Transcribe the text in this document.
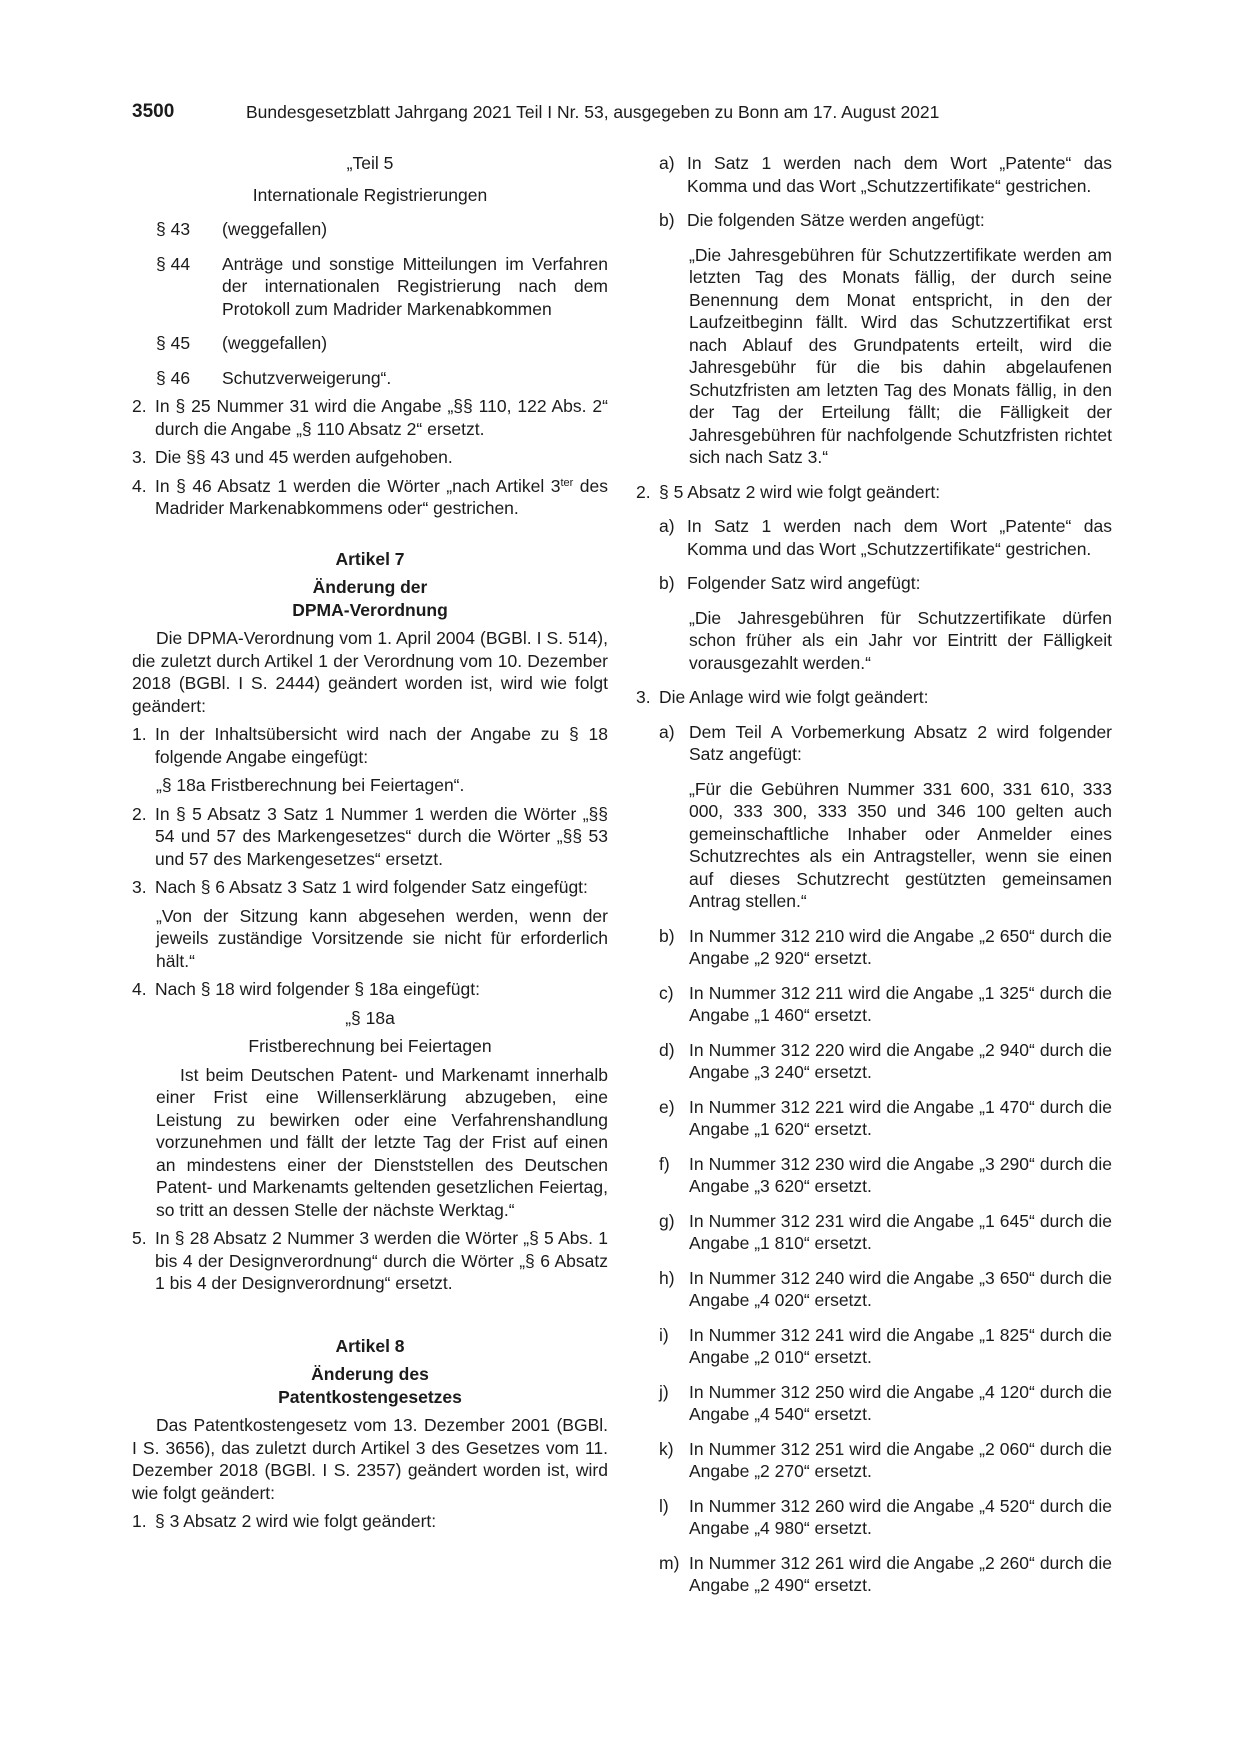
3500	Bundesgesetzblatt Jahrgang 2021 Teil I Nr. 53, ausgegeben zu Bonn am 17. August 2021

„Teil 5

Internationale Registrierungen

§ 43	(weggefallen)
§ 44	Anträge und sonstige Mitteilungen im Verfahren der internationalen Registrierung nach dem Protokoll zum Madrider Markenabkommen
§ 45	(weggefallen)
§ 46	Schutzverweigerung“.
2. In § 25 Nummer 31 wird die Angabe „§§ 110, 122 Abs. 2“ durch die Angabe „§ 110 Absatz 2“ ersetzt.
3. Die §§ 43 und 45 werden aufgehoben.
4. In § 46 Absatz 1 werden die Wörter „nach Artikel $3^{ter}$ des Madrider Markenabkommens oder“ gestrichen.

Artikel 7

Änderung der

DPMA-Verordnung

Die DPMA-Verordnung vom 1. April 2004 (BGBl. I S. 514), die zuletzt durch Artikel 1 der Verordnung vom 10. Dezember 2018 (BGBl. I S. 2444) geändert worden ist, wird wie folgt geändert:

1. In der Inhaltsübersicht wird nach der Angabe zu § 18 folgende Angabe eingefügt:

„§ 18a Fristberechnung bei Feiertagen“.

2. In § 5 Absatz 3 Satz 1 Nummer 1 werden die Wörter „§§ 54 und 57 des Markengesetzes“ durch die Wörter „§§ 53 und 57 des Markengesetzes“ ersetzt.
3. Nach § 6 Absatz 3 Satz 1 wird folgender Satz eingefügt:

„Von der Sitzung kann abgesehen werden, wenn der jeweils zuständige Vorsitzende sie nicht für erforderlich hält.“

4. Nach § 18 wird folgender § 18a eingefügt:

„§ 18a

Fristberechnung bei Feiertagen

Ist beim Deutschen Patent- und Markenamt innerhalb einer Frist eine Willenserklärung abzugeben, eine Leistung zu bewirken oder eine Verfahrenshandlung vorzunehmen und fällt der letzte Tag der Frist auf einen an mindestens einer der Dienststellen des Deutschen Patent- und Markenamts geltenden gesetzlichen Feiertag, so tritt an dessen Stelle der nächste Werktag.“

5. In § 28 Absatz 2 Nummer 3 werden die Wörter „§ 5 Abs. 1 bis 4 der Designverordnung“ durch die Wörter „§ 6 Absatz 1 bis 4 der Designverordnung“ ersetzt.

Artikel 8

Änderung des

Patentkostengesetzes

Das Patentkostengesetz vom 13. Dezember 2001 (BGBl. I S. 3656), das zuletzt durch Artikel 3 des Gesetzes vom 11. Dezember 2018 (BGBl. I S. 2357) geändert worden ist, wird wie folgt geändert:

1. § 3 Absatz 2 wird wie folgt geändert:
a) In Satz 1 werden nach dem Wort „Patente“ das Komma und das Wort „Schutzzertifikate“ gestrichen.
b) Die folgenden Sätze werden angefügt:

„Die Jahresgebühren für Schutzzertifikate werden am letzten Tag des Monats fällig, der durch seine Benennung dem Monat entspricht, in den der Laufzeitbeginn fällt. Wird das Schutzzertifikat erst nach Ablauf des Grundpatents erteilt, wird die Jahresgebühr für die bis dahin abgelaufenen Schutzfristen am letzten Tag des Monats fällig, in den der Tag der Erteilung fällt; die Fälligkeit der Jahresgebühren für nachfolgende Schutzfristen richtet sich nach Satz 3.“

2. § 5 Absatz 2 wird wie folgt geändert:
a) In Satz 1 werden nach dem Wort „Patente“ das Komma und das Wort „Schutzzertifikate“ gestrichen.
b) Folgender Satz wird angefügt:

„Die Jahresgebühren für Schutzzertifikate dürfen schon früher als ein Jahr vor Eintritt der Fälligkeit vorausgezahlt werden.“

3. Die Anlage wird wie folgt geändert:
a) Dem Teil A Vorbemerkung Absatz 2 wird folgender Satz angefügt:

„Für die Gebühren Nummer 331 600, 331 610, 333 000, 333 300, 333 350 und 346 100 gelten auch gemeinschaftliche Inhaber oder Anmelder eines Schutzrechtes als ein Antragsteller, wenn sie einen auf dieses Schutzrecht gestützten gemeinsamen Antrag stellen.“

b) In Nummer 312 210 wird die Angabe „2 650“ durch die Angabe „2 920“ ersetzt.
c) In Nummer 312 211 wird die Angabe „1 325“ durch die Angabe „1 460“ ersetzt.
d) In Nummer 312 220 wird die Angabe „2 940“ durch die Angabe „3 240“ ersetzt.
e) In Nummer 312 221 wird die Angabe „1 470“ durch die Angabe „1 620“ ersetzt.
f)	In Nummer 312 230 wird die Angabe „3 290“ durch die Angabe „3 620“ ersetzt.
g) In Nummer 312 231 wird die Angabe „1 645“ durch die Angabe „1 810“ ersetzt.
h) In Nummer 312 240 wird die Angabe „3 650“ durch die Angabe „4 020“ ersetzt.
i)	In Nummer 312 241 wird die Angabe „1 825“ durch die Angabe „2 010“ ersetzt.
j)	In Nummer 312 250 wird die Angabe „4 120“ durch die Angabe „4 540“ ersetzt.
k) In Nummer 312 251 wird die Angabe „2 060“ durch die Angabe „2 270“ ersetzt.
l)	In Nummer 312 260 wird die Angabe „4 520“ durch die Angabe „4 980“ ersetzt.
m) In Nummer 312 261 wird die Angabe „2 260“ durch die Angabe „2 490“ ersetzt.
